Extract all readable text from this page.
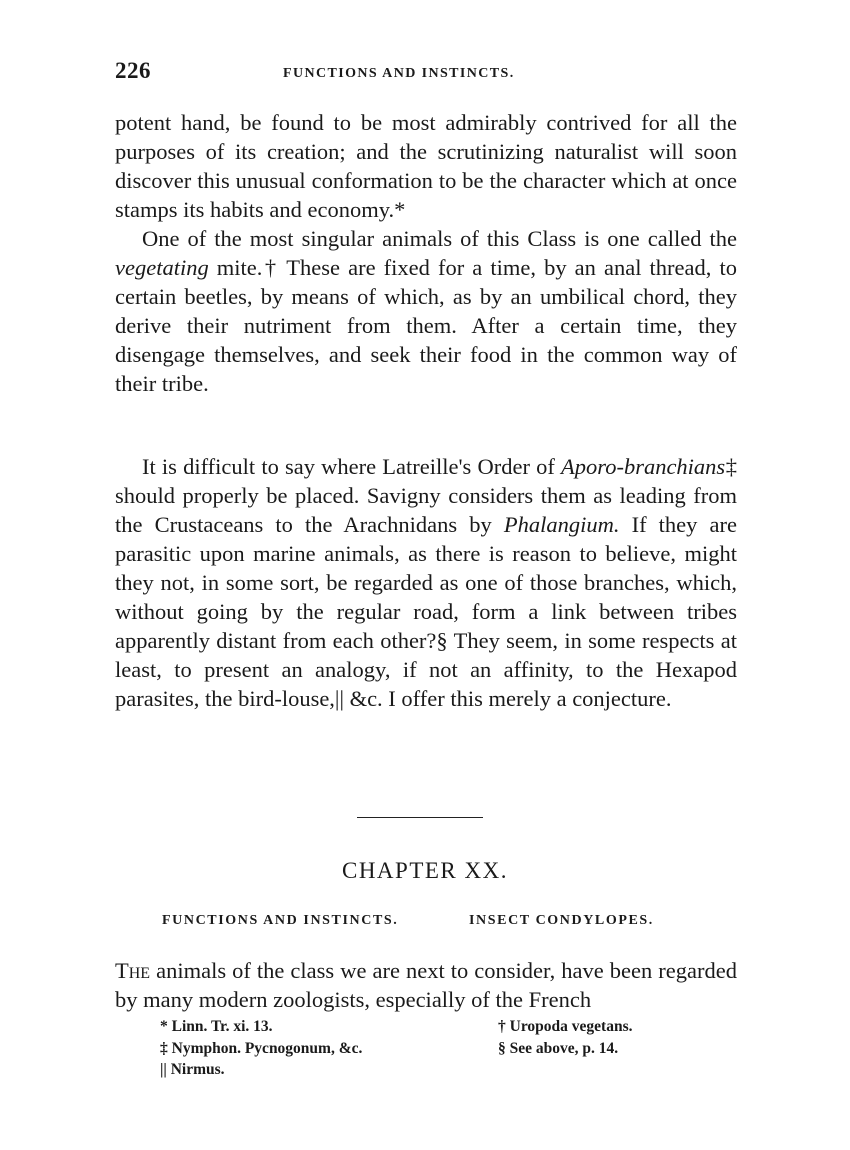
226	FUNCTIONS AND INSTINCTS.

potent hand, be found to be most admirably contrived for all the purposes of its creation; and the scrutinizing naturalist will soon discover this unusual conformation to be the character which at once stamps its habits and economy.*

One of the most singular animals of this Class is one called the vegetating mite.† These are fixed for a time, by an anal thread, to certain beetles, by means of which, as by an umbilical chord, they derive their nutriment from them. After a certain time, they disengage themselves, and seek their food in the common way of their tribe.

It is difficult to say where Latreille's Order of Aporo-branchians‡ should properly be placed. Savigny considers them as leading from the Crustaceans to the Arachnidans by Phalangium. If they are parasitic upon marine animals, as there is reason to believe, might they not, in some sort, be regarded as one of those branches, which, without going by the regular road, form a link between tribes apparently distant from each other?§ They seem, in some respects at least, to present an analogy, if not an affinity, to the Hexapod parasites, the bird-louse,|| &c. I offer this merely a conjecture.

CHAPTER XX.
FUNCTIONS AND INSTINCTS.	INSECT CONDYLOPES.

The animals of the class we are next to consider, have been regarded by many modern zoologists, especially of the French

* Linn. Tr. xi. 13.	† Uropoda vegetans.
‡ Nymphon. Pycnogonum, &c.	§ See above, p. 14.
|| Nirmus.
